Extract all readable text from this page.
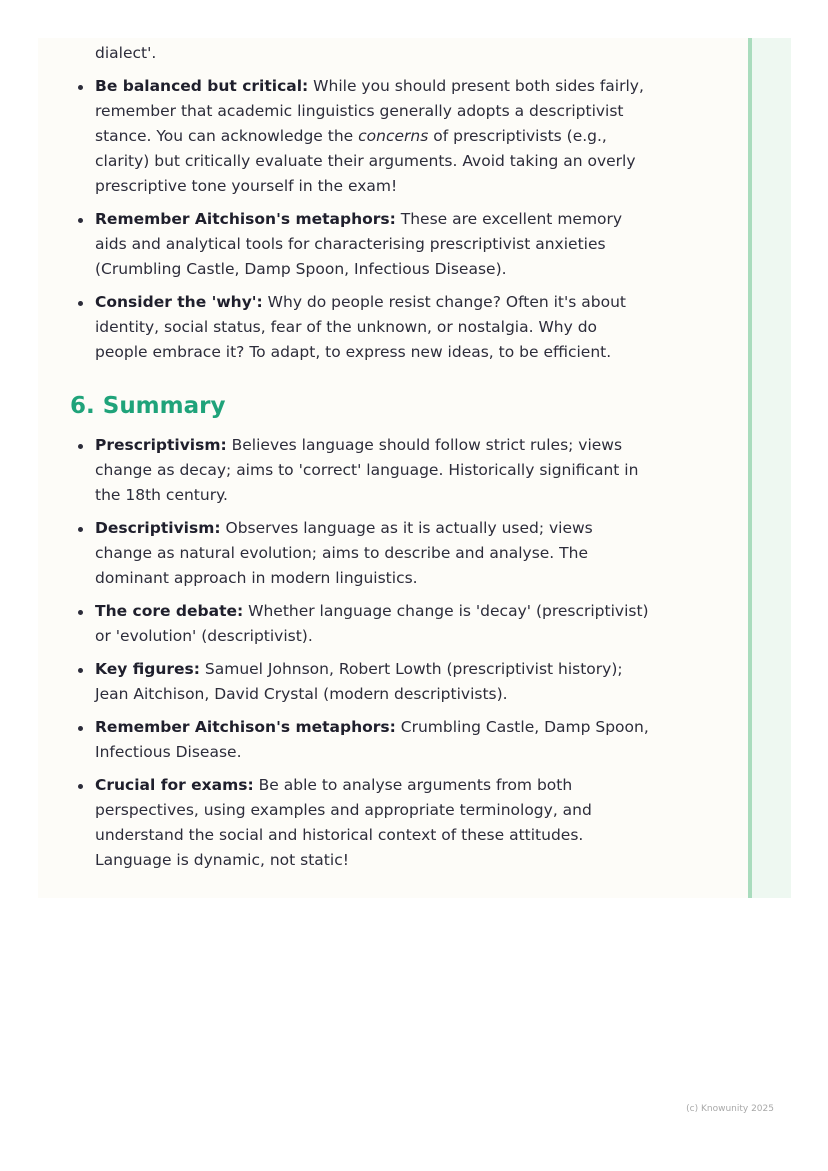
dialect'.
Be balanced but critical: While you should present both sides fairly, remember that academic linguistics generally adopts a descriptivist stance. You can acknowledge the concerns of prescriptivists (e.g., clarity) but critically evaluate their arguments. Avoid taking an overly prescriptive tone yourself in the exam!
Remember Aitchison's metaphors: These are excellent memory aids and analytical tools for characterising prescriptivist anxieties (Crumbling Castle, Damp Spoon, Infectious Disease).
Consider the 'why': Why do people resist change? Often it's about identity, social status, fear of the unknown, or nostalgia. Why do people embrace it? To adapt, to express new ideas, to be efficient.
6. Summary
Prescriptivism: Believes language should follow strict rules; views change as decay; aims to 'correct' language. Historically significant in the 18th century.
Descriptivism: Observes language as it is actually used; views change as natural evolution; aims to describe and analyse. The dominant approach in modern linguistics.
The core debate: Whether language change is 'decay' (prescriptivist) or 'evolution' (descriptivist).
Key figures: Samuel Johnson, Robert Lowth (prescriptivist history); Jean Aitchison, David Crystal (modern descriptivists).
Remember Aitchison's metaphors: Crumbling Castle, Damp Spoon, Infectious Disease.
Crucial for exams: Be able to analyse arguments from both perspectives, using examples and appropriate terminology, and understand the social and historical context of these attitudes. Language is dynamic, not static!
(c) Knowunity 2025
